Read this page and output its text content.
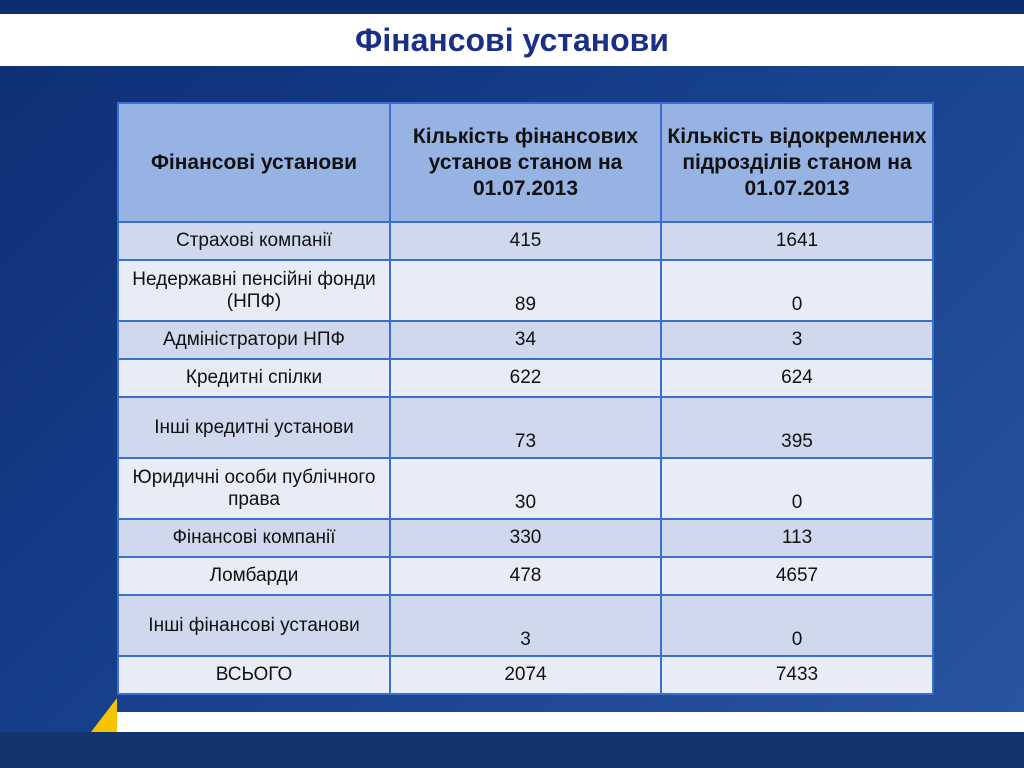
Фінансові установи
Фінансові установи	Кількість фінансових установ станом на 01.07.2013	Кількість відокремлених підрозділів станом на 01.07.2013
Страхові компанії	415	1641
Недержавні пенсійні фонди (НПФ)	89	0
Адміністратори НПФ	34	3
Кредитні спілки	622	624
Інші кредитні установи	73	395
Юридичні особи публічного права	30	0
Фінансові компанії	330	113
Ломбарди	478	4657
Інші фінансові установи	3	0
ВСЬОГО	2074	7433
